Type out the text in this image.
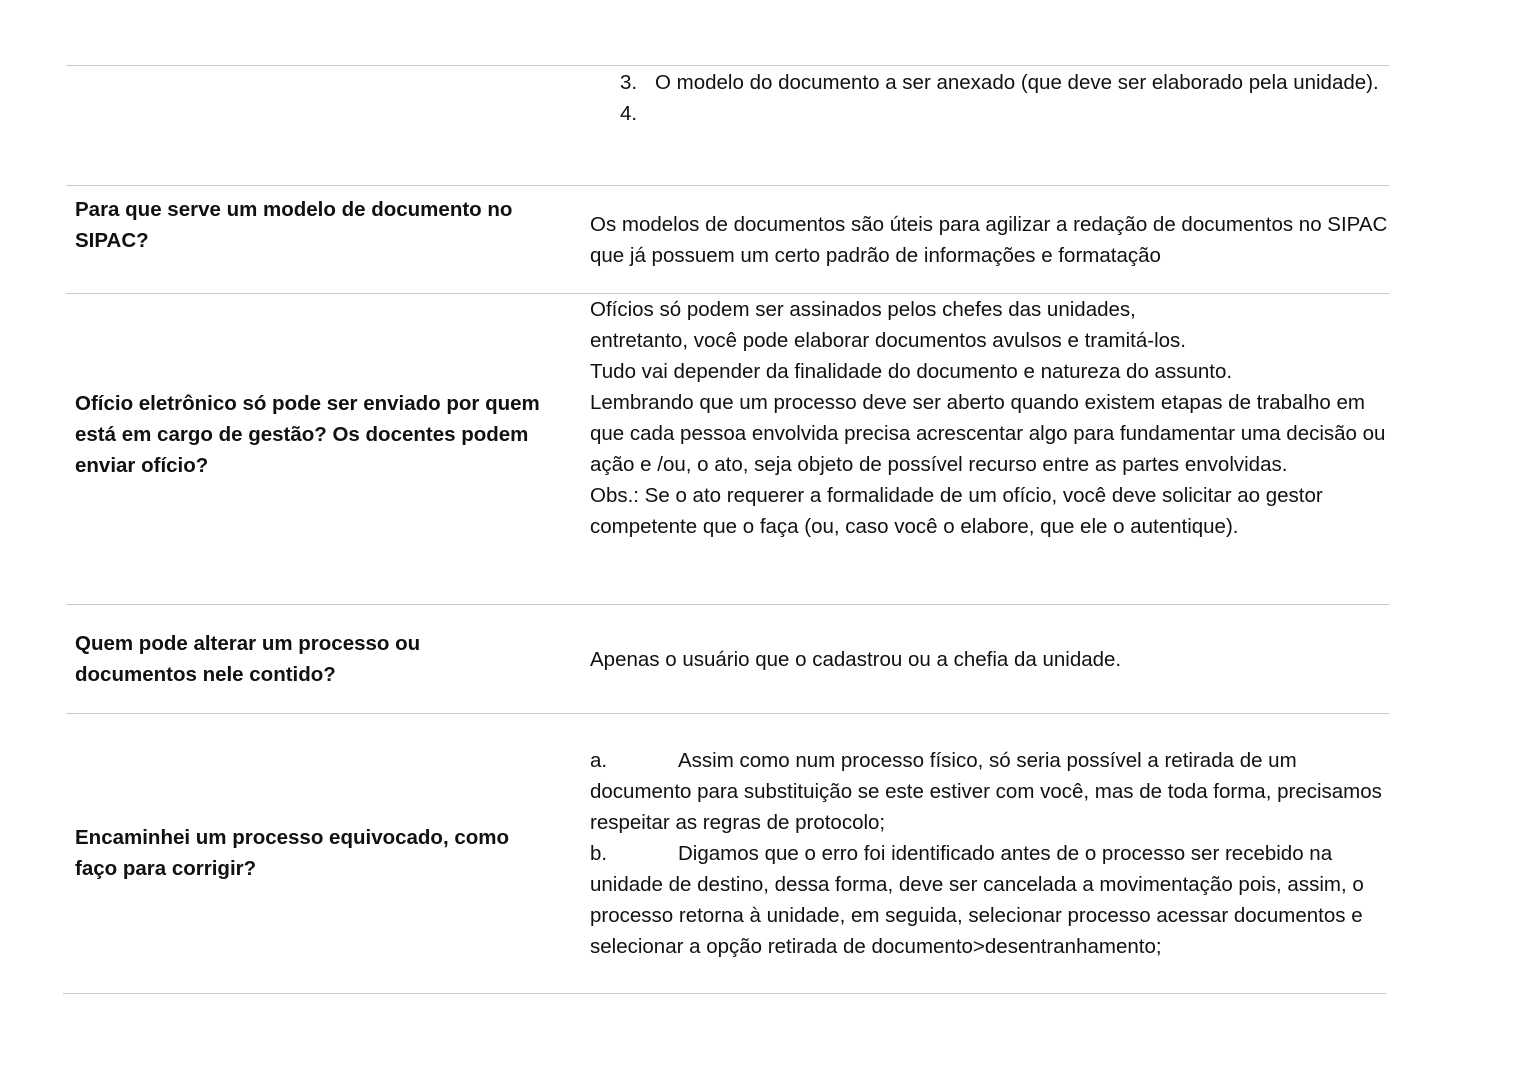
3. O modelo do documento a ser anexado (que deve ser elaborado pela unidade).
4.

Para que serve um modelo de documento no SIPAC?

Os modelos de documentos são úteis para agilizar a redação de documentos no SIPAC que já possuem um certo padrão de informações e formatação

Ofício eletrônico só pode ser enviado por quem está em cargo de gestão? Os docentes podem enviar ofício?

Ofícios só podem ser assinados pelos chefes das unidades,

entretanto, você pode elaborar documentos avulsos e tramitá-los.

Tudo vai depender da finalidade do documento e natureza do assunto.

Lembrando que um processo deve ser aberto quando existem etapas de trabalho em que cada pessoa envolvida precisa acrescentar algo para fundamentar uma decisão ou ação e /ou, o ato, seja objeto de possível recurso entre as partes envolvidas.

Obs.: Se o ato requerer a formalidade de um ofício, você deve solicitar ao gestor competente que o faça (ou, caso você o elabore, que ele o autentique).

Quem pode alterar um processo ou documentos nele contido?

Apenas o usuário que o cadastrou ou a chefia da unidade.

Encaminhei um processo equivocado, como faço para corrigir?

a.	Assim como num processo físico, só seria possível a retirada de um documento para substituição se este estiver com você, mas de toda forma, precisamos respeitar as regras de protocolo;

b.	Digamos que o erro foi identificado antes de o processo ser recebido na unidade de destino, dessa forma, deve ser cancelada a movimentação pois, assim, o processo retorna à unidade, em seguida, selecionar processo acessar documentos e selecionar a opção retirada de documento>desentranhamento;
